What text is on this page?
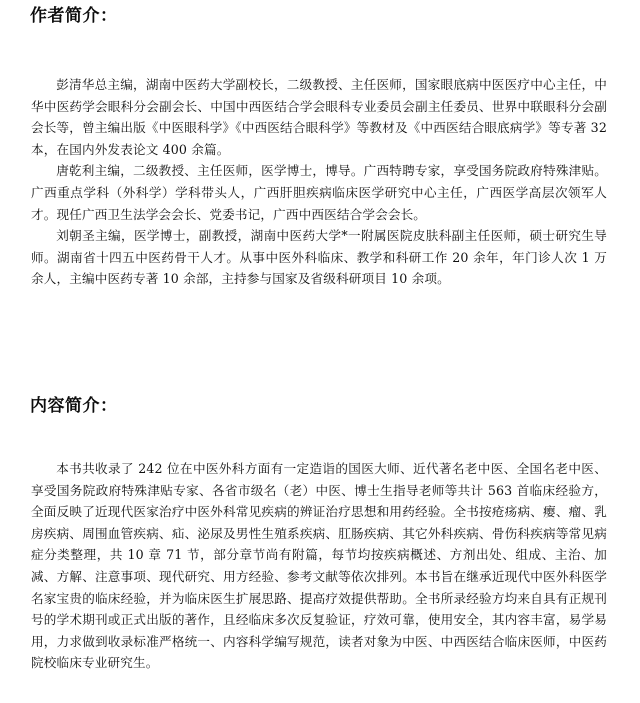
作者简介：

彭清华总主编，湖南中医药大学副校长，二级教授、主任医师，国家眼底病中医医疗中心主任，中华中医药学会眼科分会副会长、中国中西医结合学会眼科专业委员会副主任委员、世界中联眼科分会副会长等，曾主编出版《中医眼科学》《中西医结合眼科学》等教材及《中西医结合眼底病学》等专著 32 本，在国内外发表论文 400 余篇。

唐乾利主编，二级教授、主任医师，医学博士，博导。广西特聘专家，享受国务院政府特殊津贴。广西重点学科（外科学）学科带头人，广西肝胆疾病临床医学研究中心主任，广西医学高层次领军人才。现任广西卫生法学会会长、党委书记，广西中西医结合学会会长。

刘朝圣主编，医学博士，副教授，湖南中医药大学*一附属医院皮肤科副主任医师，硕士研究生导师。湖南省十四五中医药骨干人才。从事中医外科临床、教学和科研工作 20 余年，年门诊人次 1 万余人，主编中医药专著 10 余部，主持参与国家及省级科研项目 10 余项。

内容简介：

本书共收录了 242 位在中医外科方面有一定造诣的国医大师、近代著名老中医、全国名老中医、享受国务院政府特殊津贴专家、各省市级名（老）中医、博士生指导老师等共计 563 首临床经验方，全面反映了近现代医家治疗中医外科常见疾病的辨证治疗思想和用药经验。全书按疮疡病、瘿、瘤、乳房疾病、周围血管疾病、疝、泌尿及男性生殖系疾病、肛肠疾病、其它外科疾病、骨伤科疾病等常见病症分类整理，共 10 章 71 节，部分章节尚有附篇，每节均按疾病概述、方剂出处、组成、主治、加减、方解、注意事项、现代研究、用方经验、参考文献等依次排列。本书旨在继承近现代中医外科医学名家宝贵的临床经验，并为临床医生扩展思路、提高疗效提供帮助。全书所录经验方均来自具有正规刊号的学术期刊或正式出版的著作，且经临床多次反复验证，疗效可靠，使用安全，其内容丰富，易学易用，力求做到收录标准严格统一、内容科学编写规范，读者对象为中医、中西医结合临床医师，中医药院校临床专业研究生。
